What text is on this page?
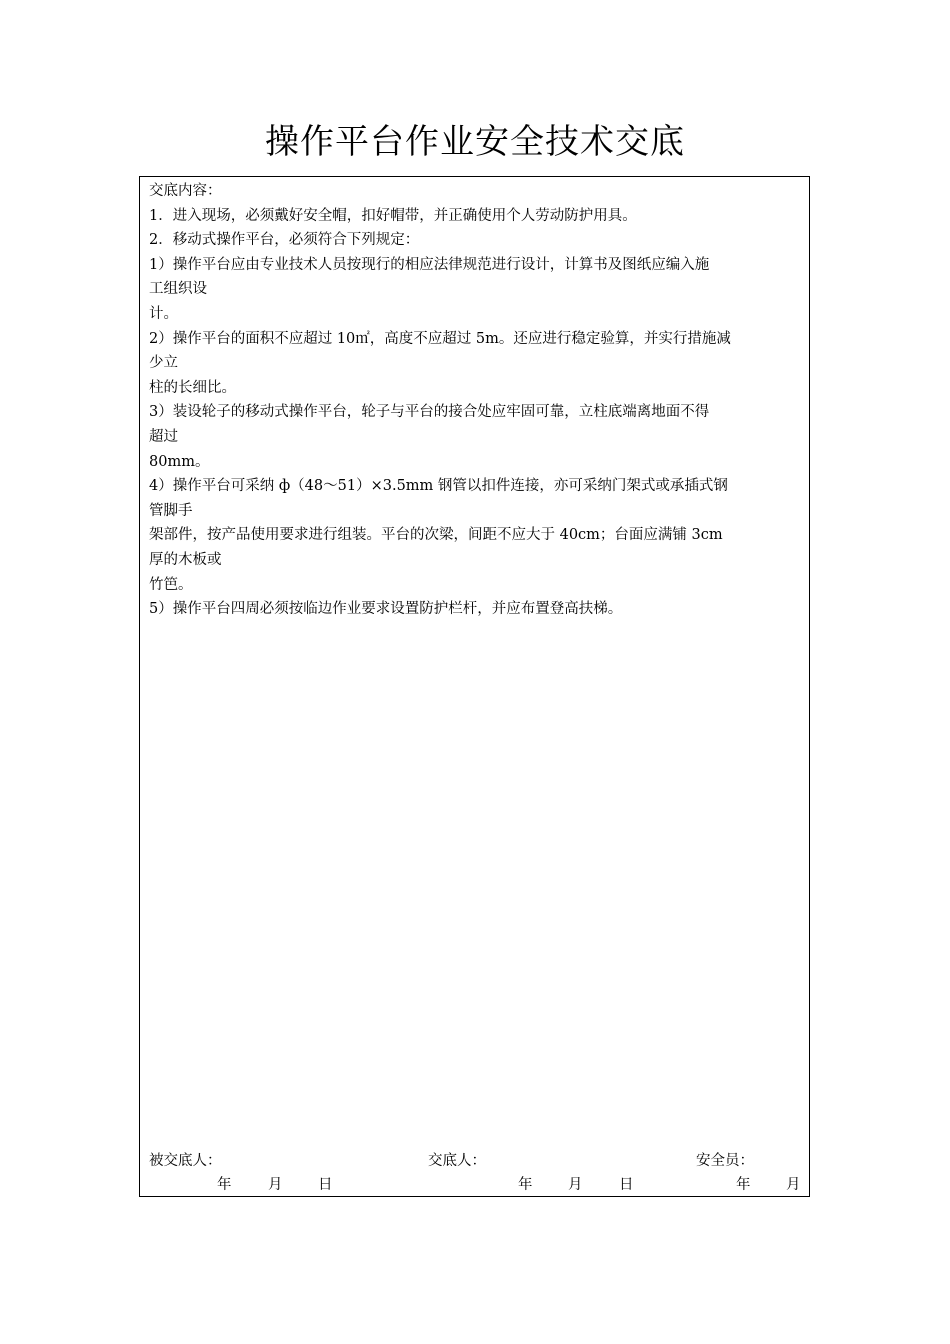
操作平台作业安全技术交底
交底内容：
1．进入现场，必须戴好安全帽，扣好帽带，并正确使用个人劳动防护用具。
2．移动式操作平台，必须符合下列规定：
1）操作平台应由专业技术人员按现行的相应法律规范进行设计，计算书及图纸应编入施
工组织设
计。
2）操作平台的面积不应超过 10㎡，高度不应超过 5m。还应进行稳定验算，并实行措施减
少立
柱的长细比。
3）装设轮子的移动式操作平台，轮子与平台的接合处应牢固可靠，立柱底端离地面不得
超过
80mm。
4）操作平台可采纳 ф（48～51）×3.5mm 钢管以扣件连接，亦可采纳门架式或承插式钢
管脚手
架部件，按产品使用要求进行组装。平台的次梁，间距不应大于 40cm；台面应满铺 3cm
厚的木板或
竹笆。
5）操作平台四周必须按临边作业要求设置防护栏杆，并应布置登高扶梯。
被交底人：	交底人：	安全员：
年	月 日	年 月	日	年 月
